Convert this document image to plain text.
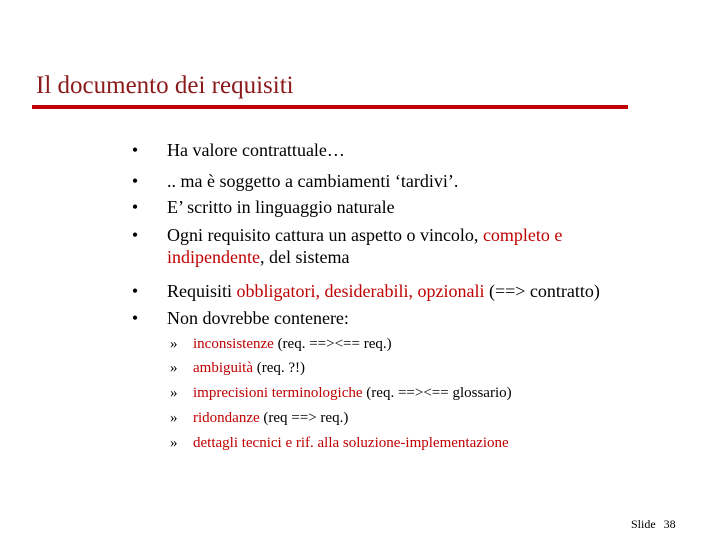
Il documento dei requisiti
• Ha valore contrattuale…
• .. ma è soggetto a cambiamenti ‘tardivi’.
• E’ scritto in linguaggio naturale
• Ogni requisito cattura un aspetto o vincolo, completo e
indipendente, del sistema
• Requisiti obbligatori, desiderabili, opzionali (==> contratto)
• Non dovrebbe contenere:
» inconsistenze (req. ==><== req.)
» ambiguità (req. ?!)
» imprecisioni terminologiche (req. ==><== glossario)
» ridondanze (req ==> req.)
» dettagli tecnici e rif. alla soluzione-implementazione
Slide 38
